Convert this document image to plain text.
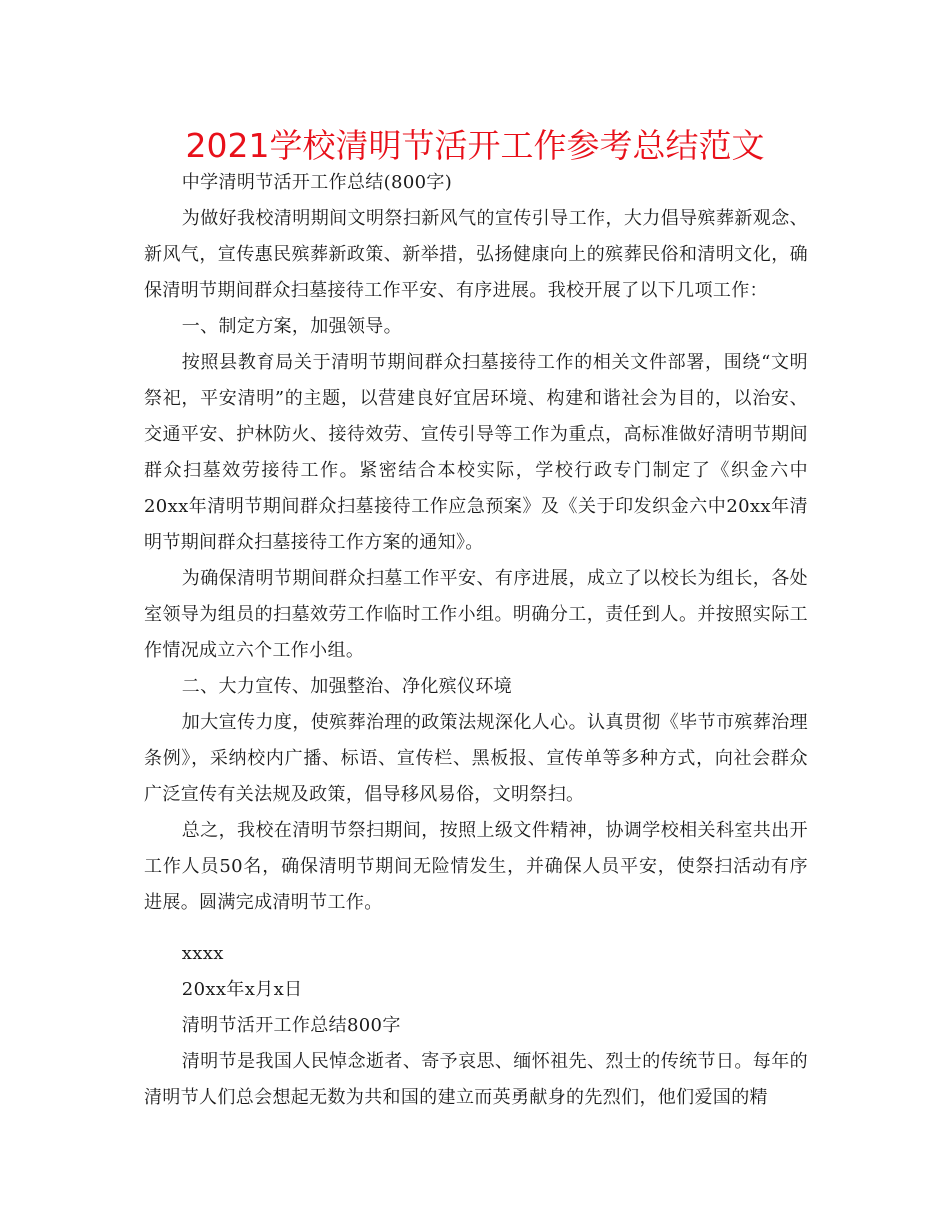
2021学校清明节活开工作参考总结范文

中学清明节活开工作总结(800字)

为做好我校清明期间文明祭扫新风气的宣传引导工作，大力倡导殡葬新观念、新风气，宣传惠民殡葬新政策、新举措，弘扬健康向上的殡葬民俗和清明文化，确保清明节期间群众扫墓接待工作平安、有序进展。我校开展了以下几项工作：

一、制定方案，加强领导。

按照县教育局关于清明节期间群众扫墓接待工作的相关文件部署，围绕“文明祭祀，平安清明”的主题，以营建良好宜居环境、构建和谐社会为目的，以治安、交通平安、护林防火、接待效劳、宣传引导等工作为重点，高标准做好清明节期间群众扫墓效劳接待工作。紧密结合本校实际，学校行政专门制定了《织金六中20xx年清明节期间群众扫墓接待工作应急预案》及《关于印发织金六中20xx年清明节期间群众扫墓接待工作方案的通知》。

为确保清明节期间群众扫墓工作平安、有序进展，成立了以校长为组长，各处室领导为组员的扫墓效劳工作临时工作小组。明确分工，责任到人。并按照实际工作情况成立六个工作小组。

二、大力宣传、加强整治、净化殡仪环境

加大宣传力度，使殡葬治理的政策法规深化人心。认真贯彻《毕节市殡葬治理条例》，采纳校内广播、标语、宣传栏、黑板报、宣传单等多种方式，向社会群众广泛宣传有关法规及政策，倡导移风易俗，文明祭扫。

总之，我校在清明节祭扫期间，按照上级文件精神，协调学校相关科室共出开工作人员50名，确保清明节期间无险情发生，并确保人员平安，使祭扫活动有序进展。圆满完成清明节工作。

xxxx

20xx年x月x日

清明节活开工作总结800字

清明节是我国人民悼念逝者、寄予哀思、缅怀祖先、烈士的传统节日。每年的清明节人们总会想起无数为共和国的建立而英勇献身的先烈们，他们爱国的精
